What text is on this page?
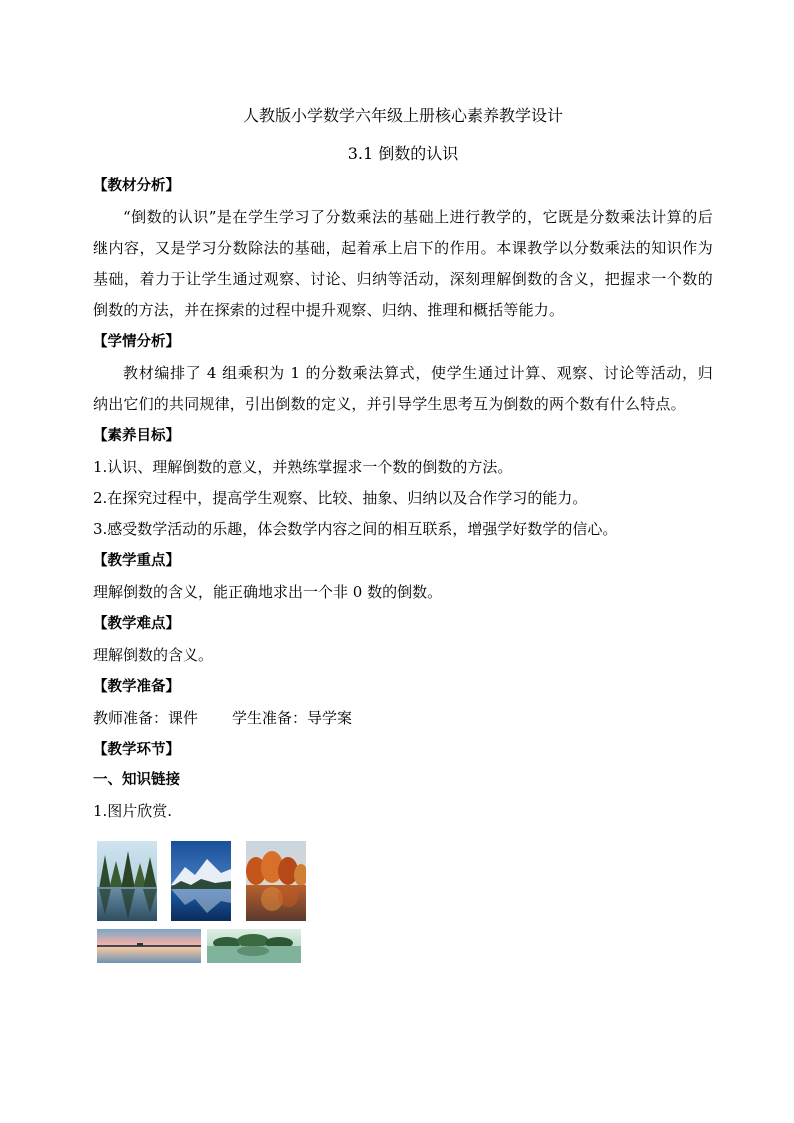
人教版小学数学六年级上册核心素养教学设计
3.1 倒数的认识
【教材分析】

“倒数的认识”是在学生学习了分数乘法的基础上进行教学的，它既是分数乘法计算的后继内容，又是学习分数除法的基础，起着承上启下的作用。本课教学以分数乘法的知识作为基础，着力于让学生通过观察、讨论、归纳等活动，深刻理解倒数的含义，把握求一个数的倒数的方法，并在探索的过程中提升观察、归纳、推理和概括等能力。

【学情分析】

教材编排了 4 组乘积为 1 的分数乘法算式，使学生通过计算、观察、讨论等活动，归 纳出它们的共同规律，引出倒数的定义，并引导学生思考互为倒数的两个数有什么特点。

【素养目标】

1.认识、理解倒数的意义，并熟练掌握求一个数的倒数的方法。

2.在探究过程中，提高学生观察、比较、抽象、归纳以及合作学习的能力。

3.感受数学活动的乐趣，体会数学内容之间的相互联系，增强学好数学的信心。

【教学重点】

理解倒数的含义，能正确地求出一个非 0 数的倒数。

【教学难点】

理解倒数的含义。

【教学准备】

教师准备：课件 学生准备：导学案

【教学环节】
一、知识链接

1.图片欣赏.
